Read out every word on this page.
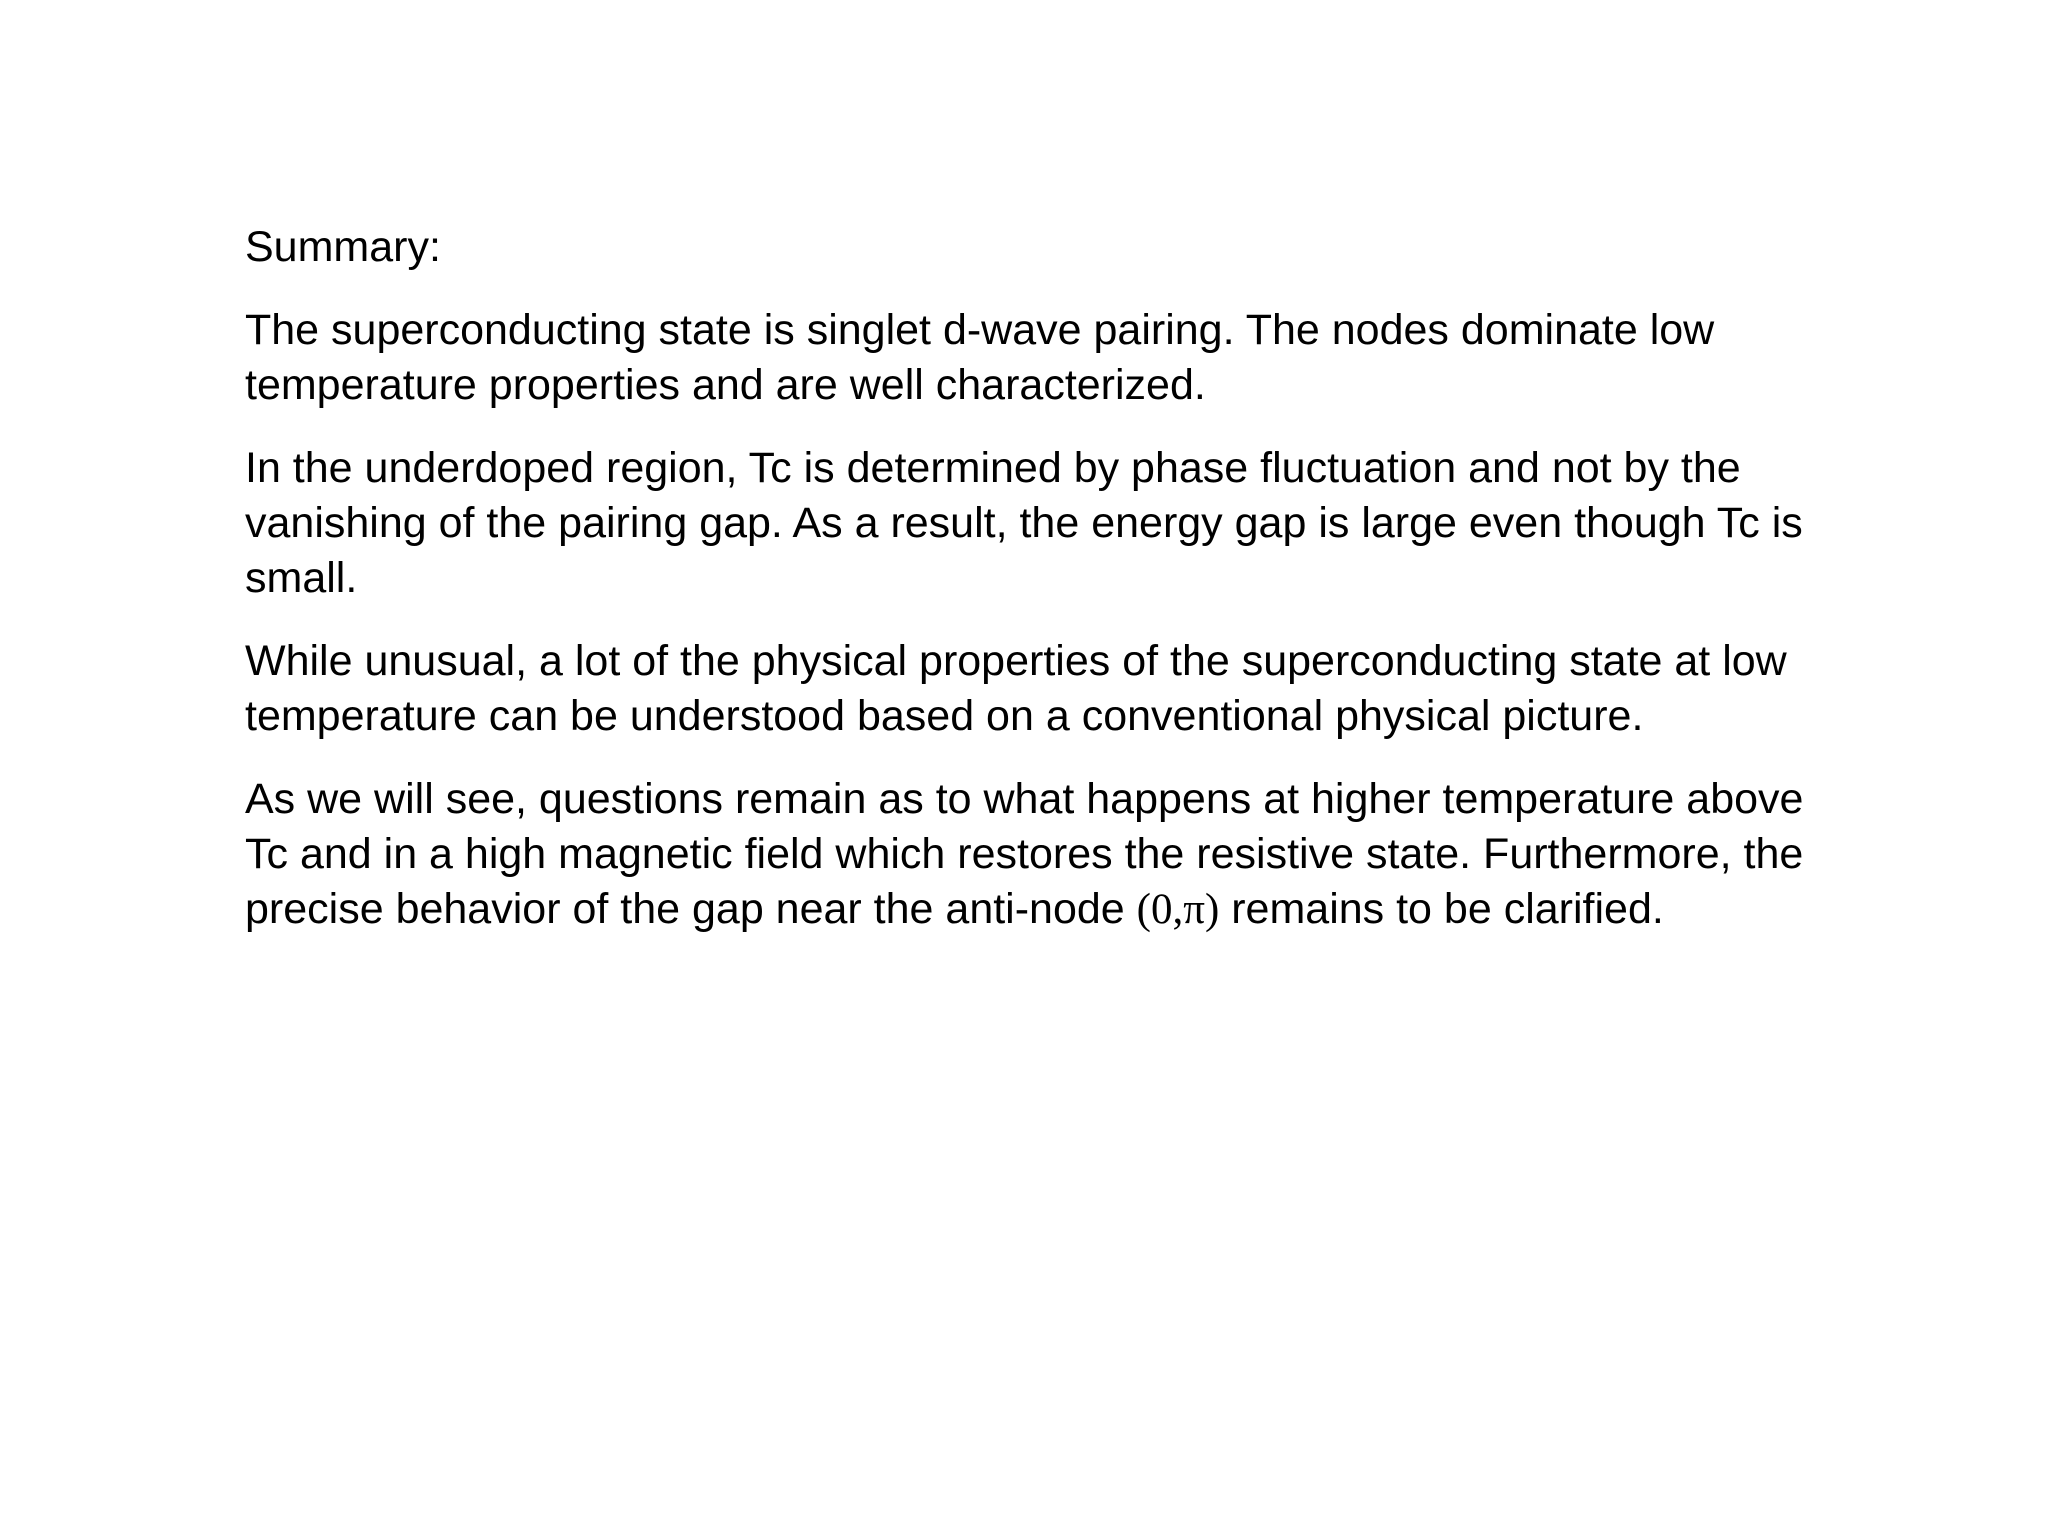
Summary:

The superconducting state is singlet d-wave pairing. The nodes dominate low temperature properties and are well characterized.

In the underdoped region, Tc is determined by phase fluctuation and not by the vanishing of the pairing gap. As a result, the energy gap is large even though Tc is small.

While unusual, a lot of the physical properties of the superconducting state at low temperature can be understood based on a conventional physical picture.

As we will see, questions remain as to what happens at higher temperature above Tc and in a high magnetic field which restores the resistive state. Furthermore, the precise behavior of the gap near the anti-node (0,π) remains to be clarified.
